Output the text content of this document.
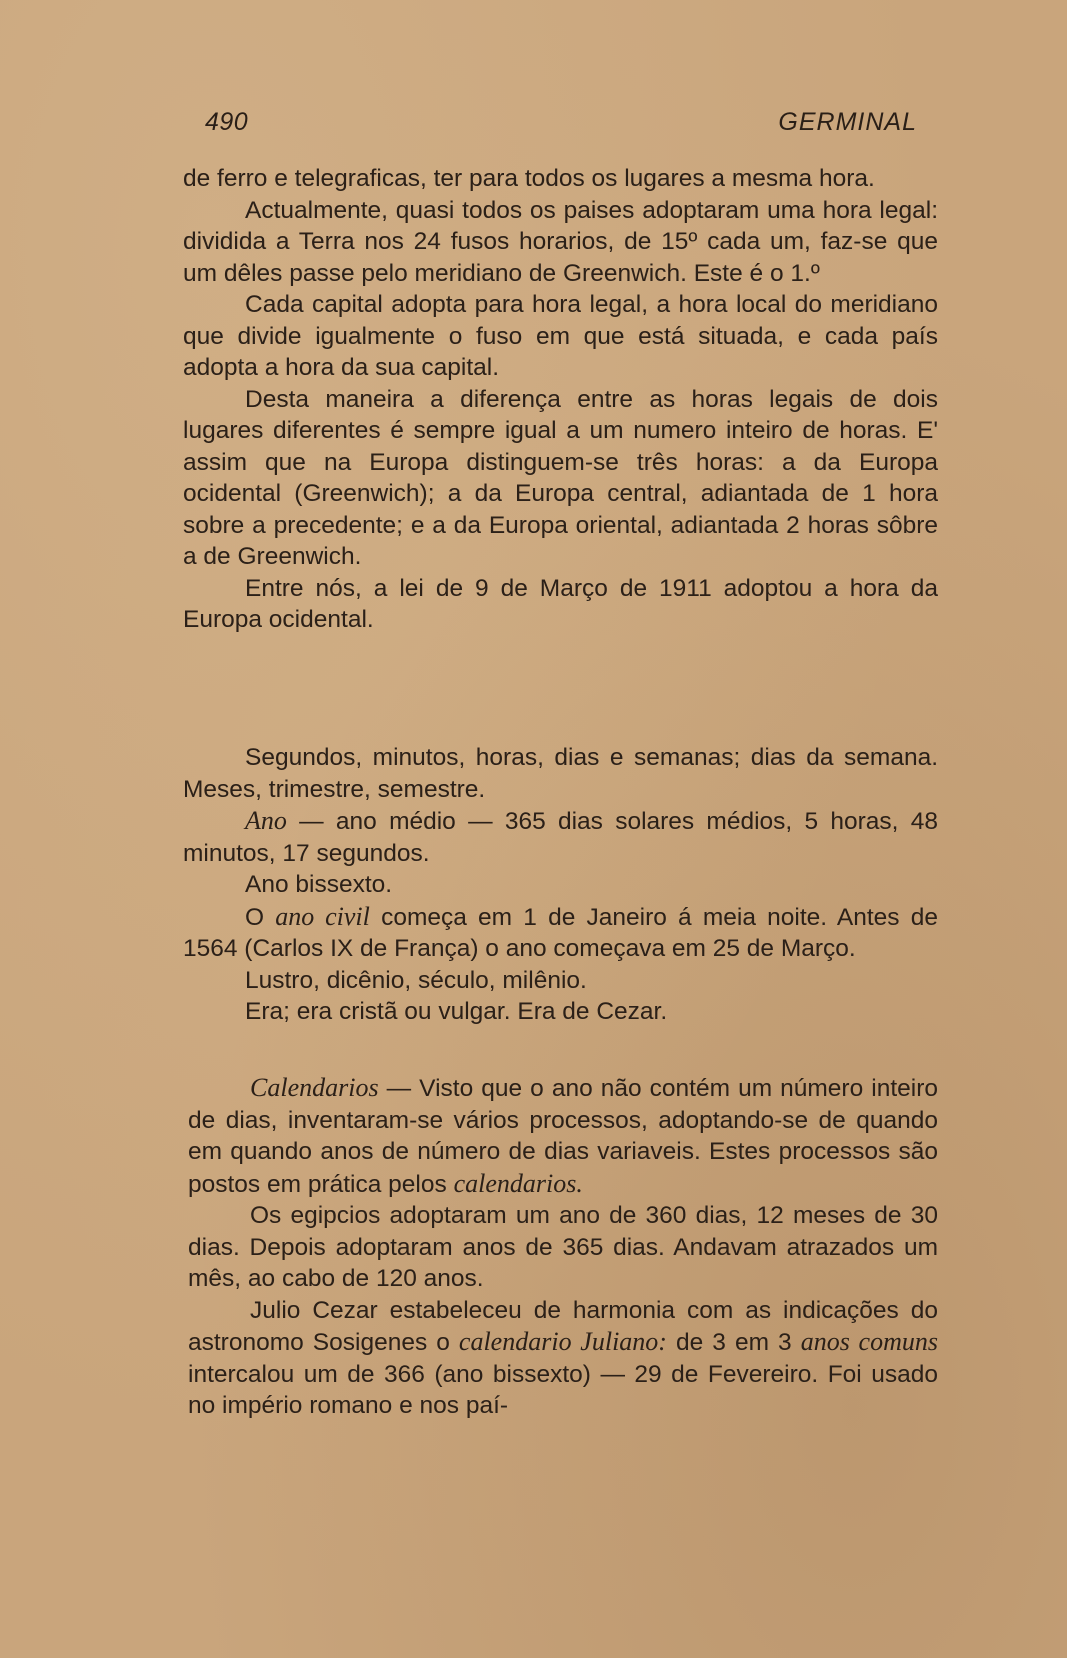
490	GERMINAL

de ferro e telegraficas, ter para todos os lugares a mesma hora.

Actualmente, quasi todos os paises adoptaram uma hora legal: dividida a Terra nos 24 fusos horarios, de 15º cada um, faz-se que um dêles passe pelo meridiano de Greenwich. Este é o 1.º

Cada capital adopta para hora legal, a hora local do meridiano que divide igualmente o fuso em que está situada, e cada país adopta a hora da sua capital.

Desta maneira a diferença entre as horas legais de dois lugares diferentes é sempre igual a um numero inteiro de horas. E' assim que na Europa distinguem-se três horas: a da Europa ocidental (Greenwich); a da Europa central, adiantada de 1 hora sobre a precedente; e a da Europa oriental, adiantada 2 horas sôbre a de Greenwich.

Entre nós, a lei de 9 de Março de 1911 adoptou a hora da Europa ocidental.

Segundos, minutos, horas, dias e semanas; dias da semana. Meses, trimestre, semestre.

Ano — ano médio — 365 dias solares médios, 5 horas, 48 minutos, 17 segundos.

Ano bissexto.

O ano civil começa em 1 de Janeiro á meia noite. Antes de 1564 (Carlos IX de França) o ano começava em 25 de Março.

Lustro, dicênio, século, milênio.

Era; era cristã ou vulgar. Era de Cezar.

Calendarios — Visto que o ano não contém um número inteiro de dias, inventaram-se vários processos, adoptando-se de quando em quando anos de número de dias variaveis. Estes processos são postos em prática pelos calendarios.

Os egipcios adoptaram um ano de 360 dias, 12 meses de 30 dias. Depois adoptaram anos de 365 dias. Andavam atrazados um mês, ao cabo de 120 anos.

Julio Cezar estabeleceu de harmonia com as indicações do astronomo Sosigenes o calendario Juliano: de 3 em 3 anos comuns intercalou um de 366 (ano bissexto) — 29 de Fevereiro. Foi usado no império romano e nos paí-
